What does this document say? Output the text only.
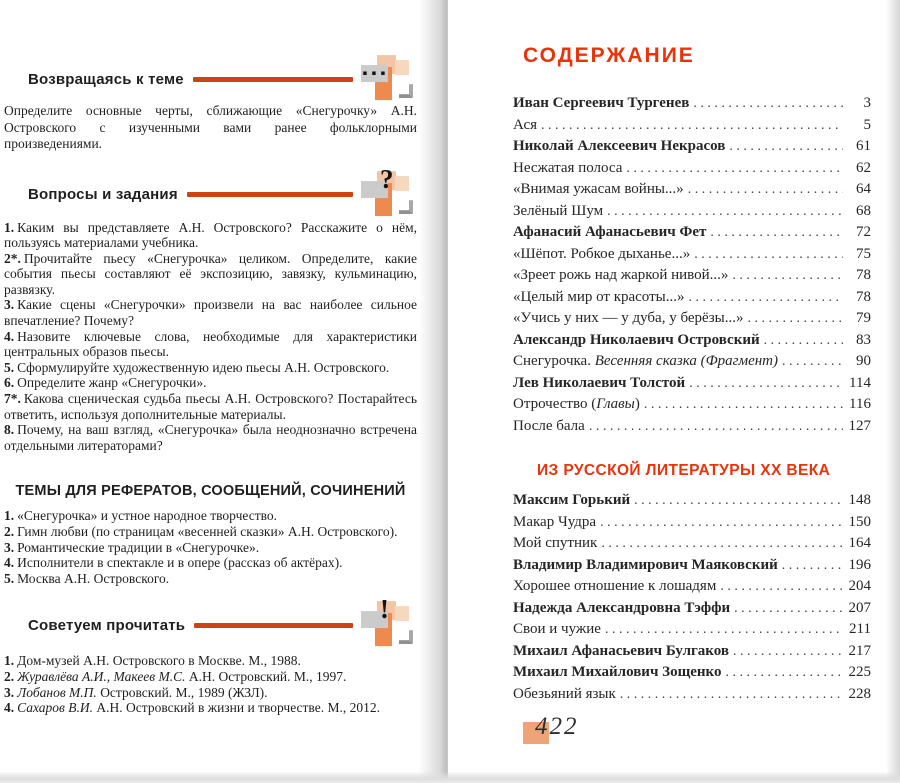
Возвращаясь к теме	▪ ▪ ▪

Определите основные черты, сближающие «Снегурочку» А.Н. Островского с изученными вами ранее фольклорными произведениями.

Вопросы и задания
?

1. Каким вы представляете А.Н. Островского? Расскажите о нём, пользуясь материалами учебника.

2*. Прочитайте пьесу «Снегурочка» целиком. Определите, какие события пьесы составляют её экспозицию, завязку, кульминацию, развязку.

3. Какие сцены «Снегурочки» произвели на вас наиболее сильное впечатление? Почему?

4. Назовите ключевые слова, необходимые для характеристики центральных образов пьесы.

5. Сформулируйте художественную идею пьесы А.Н. Островского.

6. Определите жанр «Снегурочки».

7*. Какова сценическая судьба пьесы А.Н. Островского? Постарайтесь ответить, используя дополнительные материалы.

8. Почему, на ваш взгляд, «Снегурочка» была неоднозначно встречена отдельными литераторами?

ТЕМЫ ДЛЯ РЕФЕРАТОВ, СООБЩЕНИЙ, СОЧИНЕНИЙ

1. «Снегурочка» и устное народное творчество.

2. Гимн любви (по страницам «весенней сказки» А.Н. Островского).

3. Романтические традиции в «Снегурочке».

4. Исполнители в спектакле и в опере (рассказ об актёрах).

5. Москва А.Н. Островского.

Советуем прочитать
!

1. Дом-музей А.Н. Островского в Москве. М., 1988.

2. Журавлёва А.И., Макеев М.С. А.Н. Островский. М., 1997.

3. Лобанов М.П. Островский. М., 1989 (ЖЗЛ).

4. Сахаров В.И. А.Н. Островский в жизни и творчестве. М., 2012.

СОДЕРЖАНИЕ
Иван Сергеевич Тургенев .....	3
Ася .....	5
Николай Алексеевич Некрасов .....	61
Несжатая полоса .....	62
«Внимая ужасам войны...» .....	64
Зелёный Шум .....	68
Афанасий Афанасьевич Фет .....	72
«Шёпот. Робкое дыханье...» .....	75
«Зреет рожь над жаркой нивой...» .....	78
«Целый мир от красоты...» .....	78
«Учись у них — у дуба, у берёзы...» .....	79
Александр Николаевич Островский .....	83
Снегурочка. Весенняя сказка (Фрагмент) .....	90
Лев Николаевич Толстой .....	114
Отрочество (Главы) .....	116
После бала .....	127
ИЗ РУССКОЙ ЛИТЕРАТУРЫ XX ВЕКА
Максим Горький .....	148
Макар Чудра .....	150
Мой спутник .....	164
Владимир Владимирович Маяковский .....	196
Хорошее отношение к лошадям .....	204
Надежда Александровна Тэффи .....	207
Свои и чужие .....	211
Михаил Афанасьевич Булгаков .....	217
Михаил Михайлович Зощенко .....	225
Обезьяний язык .....	228
422
